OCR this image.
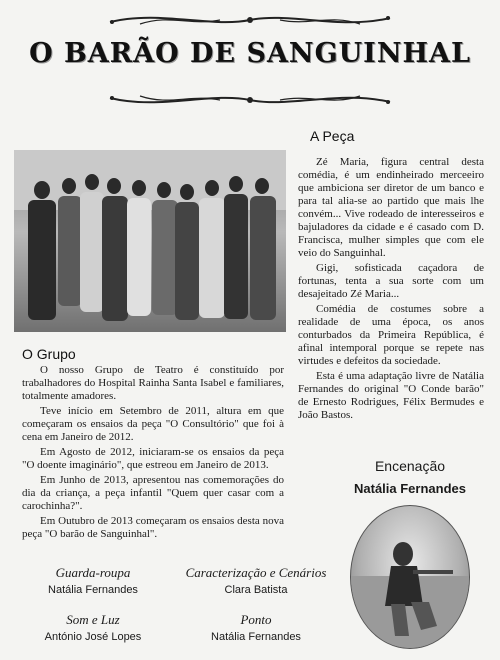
O BARÃO DE SANGUINHAL
A Peça

Zé Maria, figura central desta comédia, é um endinheirado merceeiro que ambiciona ser diretor de um banco e para tal alia-se ao partido que mais lhe convém... Vive rodeado de interesseiros e bajuladores da cidade e é casado com D. Francisca, mulher simples que com ele veio do Sanguinhal.

Gigi, sofisticada caçadora de fortunas, tenta a sua sorte com um desajeitado Zé Maria...

Comédia de costumes sobre a realidade de uma época, os anos conturbados da Primeira República, é afinal intemporal porque se repete nas virtudes e defeitos da sociedade.

Esta é uma adaptação livre de Natália Fernandes do original "O Conde barão" de Ernesto Rodrigues, Félix Bermudes e João Bastos.

O Grupo

O nosso Grupo de Teatro é constituído por trabalhadores do Hospital Rainha Santa Isabel e familiares, totalmente amadores.

Teve início em Setembro de 2011, altura em que começaram os ensaios da peça "O Consultório" que foi à cena em Janeiro de 2012.

Em Agosto de 2012, iniciaram-se os ensaios da peça "O doente imaginário", que estreou em Janeiro de 2013.

Em Junho de 2013, apresentou nas comemorações do dia da criança, a peça infantil "Quem quer casar com a carochinha?".

Em Outubro de 2013 começaram os ensaios desta nova peça "O barão de Sanguinhal".

Encenação
Natália Fernandes
Guarda-roupa
Natália Fernandes
Caracterização e Cenários
Clara Batista
Som e Luz
António José Lopes
Ponto
Natália Fernandes
